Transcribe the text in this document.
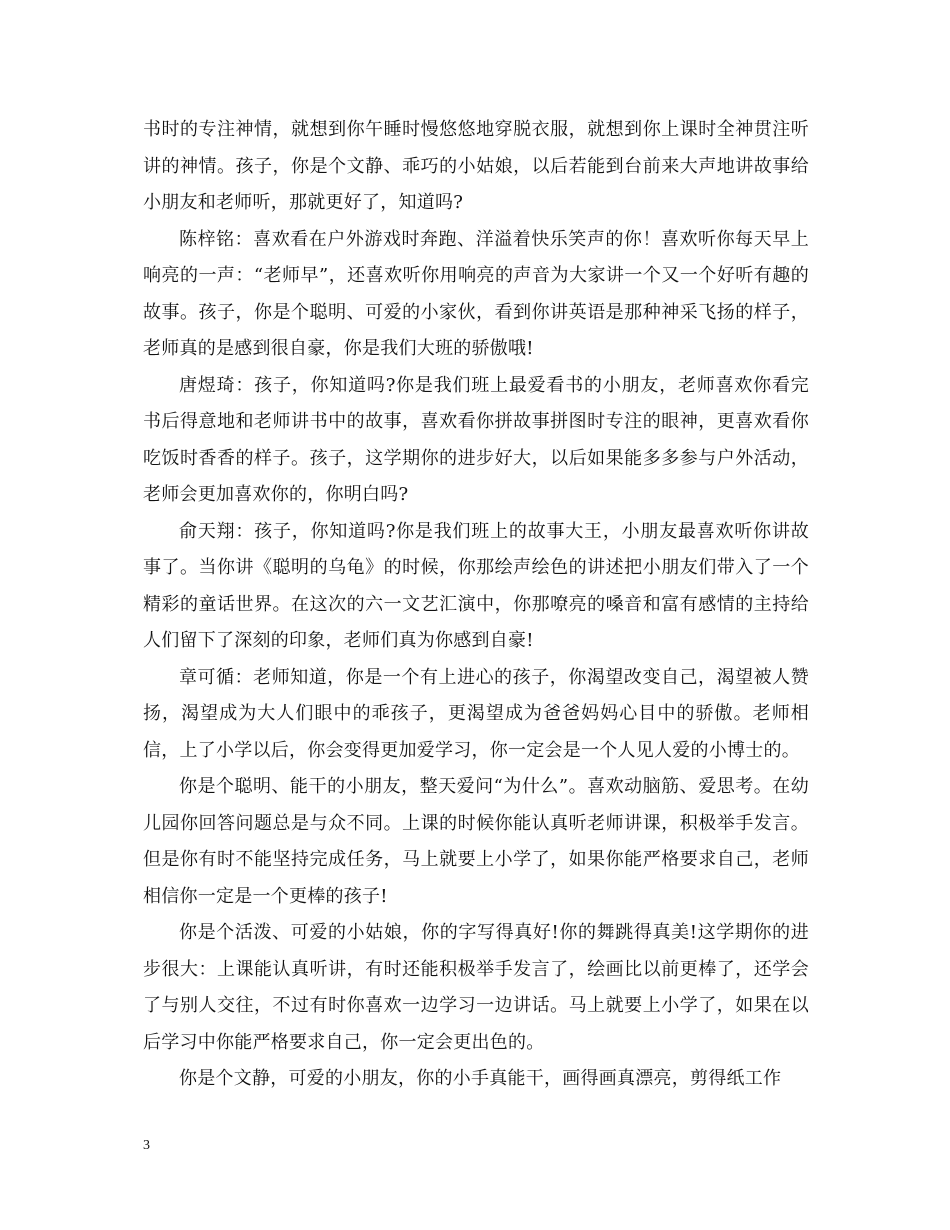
书时的专注神情，就想到你午睡时慢悠悠地穿脱衣服，就想到你上课时全神贯注听讲的神情。孩子，你是个文静、乖巧的小姑娘，以后若能到台前来大声地讲故事给小朋友和老师听，那就更好了，知道吗?

陈梓铭：喜欢看在户外游戏时奔跑、洋溢着快乐笑声的你！喜欢听你每天早上响亮的一声：“老师早”，还喜欢听你用响亮的声音为大家讲一个又一个好听有趣的故事。孩子，你是个聪明、可爱的小家伙，看到你讲英语是那种神采飞扬的样子，老师真的是感到很自豪，你是我们大班的骄傲哦!

唐煜琦：孩子，你知道吗?你是我们班上最爱看书的小朋友，老师喜欢你看完书后得意地和老师讲书中的故事，喜欢看你拼故事拼图时专注的眼神，更喜欢看你吃饭时香香的样子。孩子，这学期你的进步好大，以后如果能多多参与户外活动，老师会更加喜欢你的，你明白吗?

俞天翔：孩子，你知道吗?你是我们班上的故事大王，小朋友最喜欢听你讲故事了。当你讲《聪明的乌龟》的时候，你那绘声绘色的讲述把小朋友们带入了一个精彩的童话世界。在这次的六一文艺汇演中，你那嘹亮的嗓音和富有感情的主持给人们留下了深刻的印象，老师们真为你感到自豪!

章可循：老师知道，你是一个有上进心的孩子，你渴望改变自己，渴望被人赞扬，渴望成为大人们眼中的乖孩子，更渴望成为爸爸妈妈心目中的骄傲。老师相信，上了小学以后，你会变得更加爱学习，你一定会是一个人见人爱的小博士的。

你是个聪明、能干的小朋友，整天爱问“为什么”。喜欢动脑筋、爱思考。在幼儿园你回答问题总是与众不同。上课的时候你能认真听老师讲课，积极举手发言。但是你有时不能坚持完成任务，马上就要上小学了，如果你能严格要求自己，老师相信你一定是一个更棒的孩子!

你是个活泼、可爱的小姑娘，你的字写得真好!你的舞跳得真美!这学期你的进步很大：上课能认真听讲，有时还能积极举手发言了，绘画比以前更棒了，还学会了与别人交往，不过有时你喜欢一边学习一边讲话。马上就要上小学了，如果在以后学习中你能严格要求自己，你一定会更出色的。

你是个文静，可爱的小朋友，你的小手真能干，画得画真漂亮，剪得纸工作

3
